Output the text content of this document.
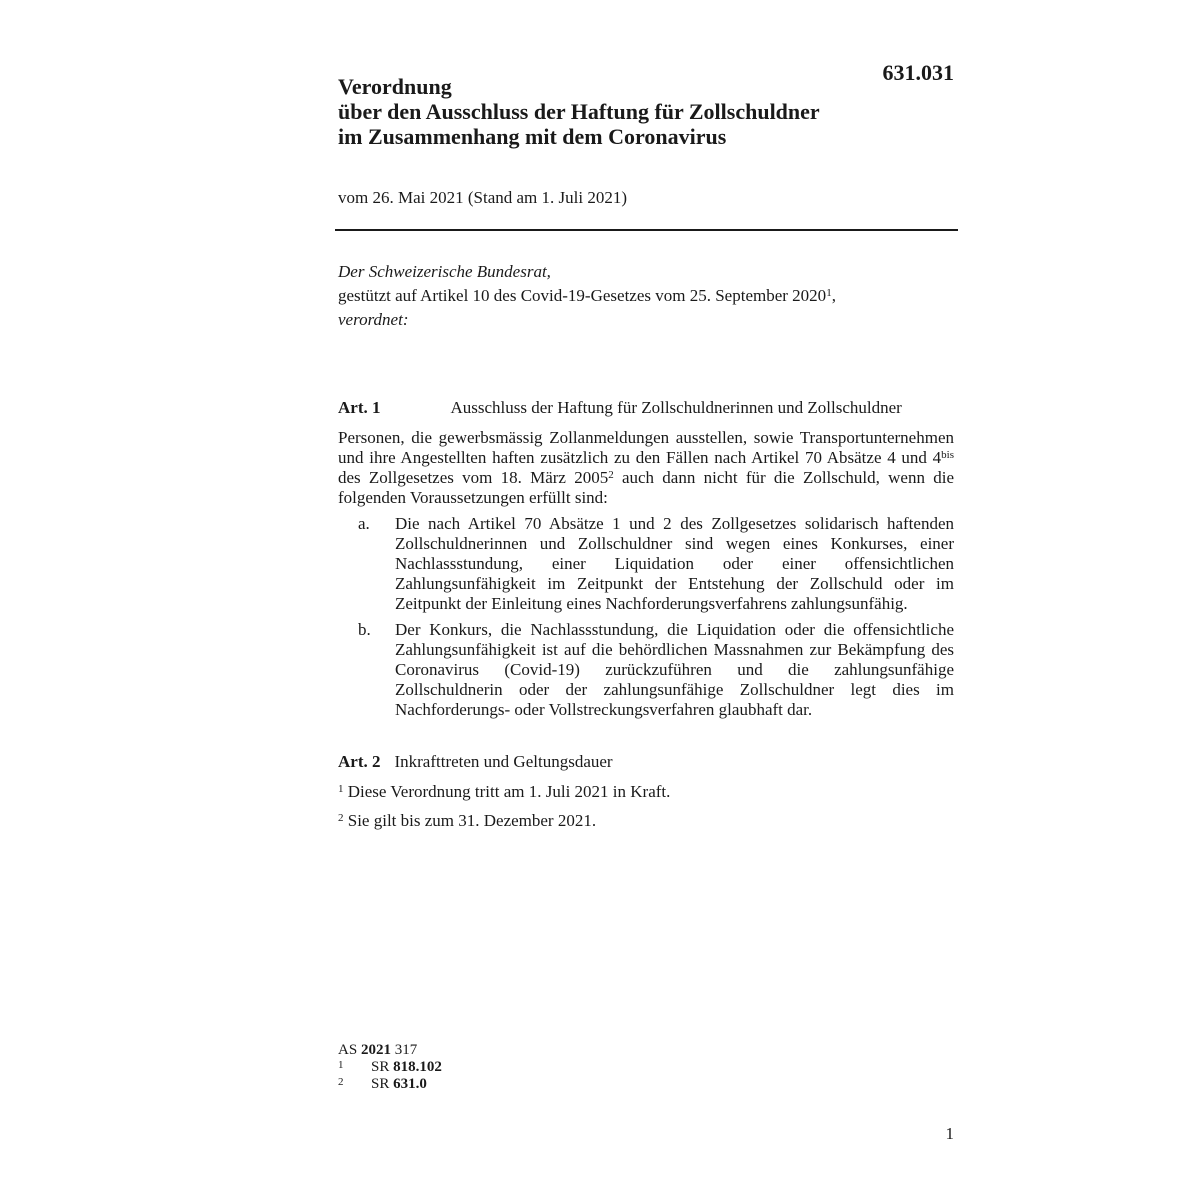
631.031
Verordnung
über den Ausschluss der Haftung für Zollschuldner
im Zusammenhang mit dem Coronavirus
vom 26. Mai 2021 (Stand am 1. Juli 2021)
Der Schweizerische Bundesrat,
gestützt auf Artikel 10 des Covid-19-Gesetzes vom 25. September 2020$^1$,
verordnet:
Art. 1	Ausschluss der Haftung für Zollschuldnerinnen und Zollschuldner
Personen, die gewerbsmässig Zollanmeldungen ausstellen, sowie Transportunternehmen und ihre Angestellten haften zusätzlich zu den Fällen nach Artikel 70 Absätze 4 und $4^{bis}$ des Zollgesetzes vom 18. März 2005$^2$ auch dann nicht für die Zollschuld, wenn die folgenden Voraussetzungen erfüllt sind:
a.	Die nach Artikel 70 Absätze 1 und 2 des Zollgesetzes solidarisch haftenden Zollschuldnerinnen und Zollschuldner sind wegen eines Konkurses, einer Nachlassstundung, einer Liquidation oder einer offensichtlichen Zahlungsunfähigkeit im Zeitpunkt der Entstehung der Zollschuld oder im Zeitpunkt der Einleitung eines Nachforderungsverfahrens zahlungsunfähig.
b.	Der Konkurs, die Nachlassstundung, die Liquidation oder die offensichtliche Zahlungsunfähigkeit ist auf die behördlichen Massnahmen zur Bekämpfung des Coronavirus (Covid-19) zurückzuführen und die zahlungsunfähige Zollschuldnerin oder der zahlungsunfähige Zollschuldner legt dies im Nachforderungs- oder Vollstreckungsverfahren glaubhaft dar.
Art. 2 Inkrafttreten und Geltungsdauer
$^1$ Diese Verordnung tritt am 1. Juli 2021 in Kraft.
$^2$ Sie gilt bis zum 31. Dezember 2021.
AS 2021 317
1	SR 818.102
2	SR 631.0
1
